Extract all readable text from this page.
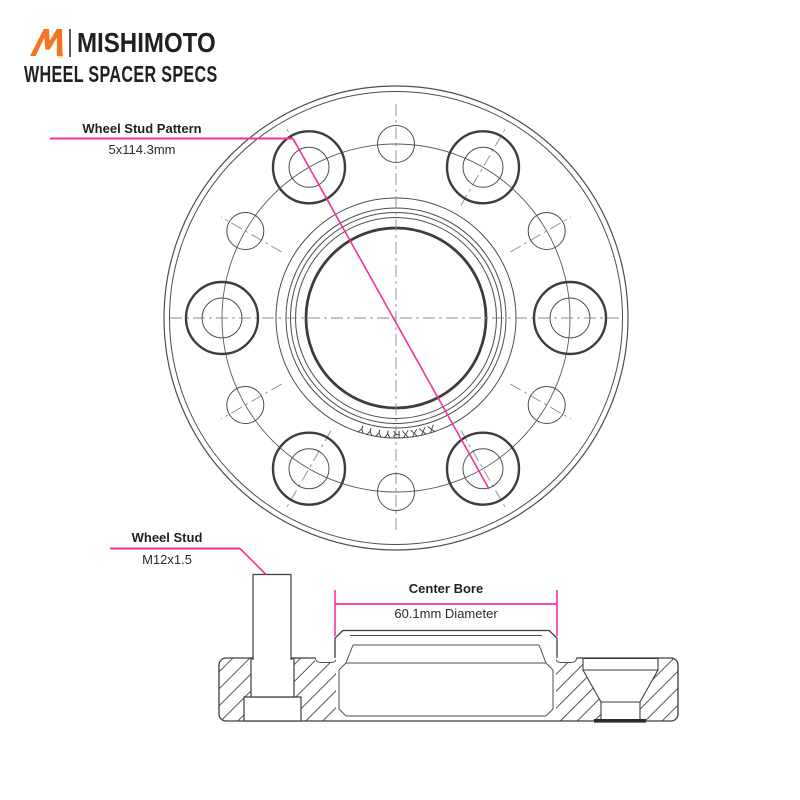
® MISHIMOTO
WHEEL SPACER SPECS
XXXXRYYYY
Wheel Stud Pattern
5x114.3mm
Wheel Stud
M12x1.5
Center Bore
60.1mm Diameter
